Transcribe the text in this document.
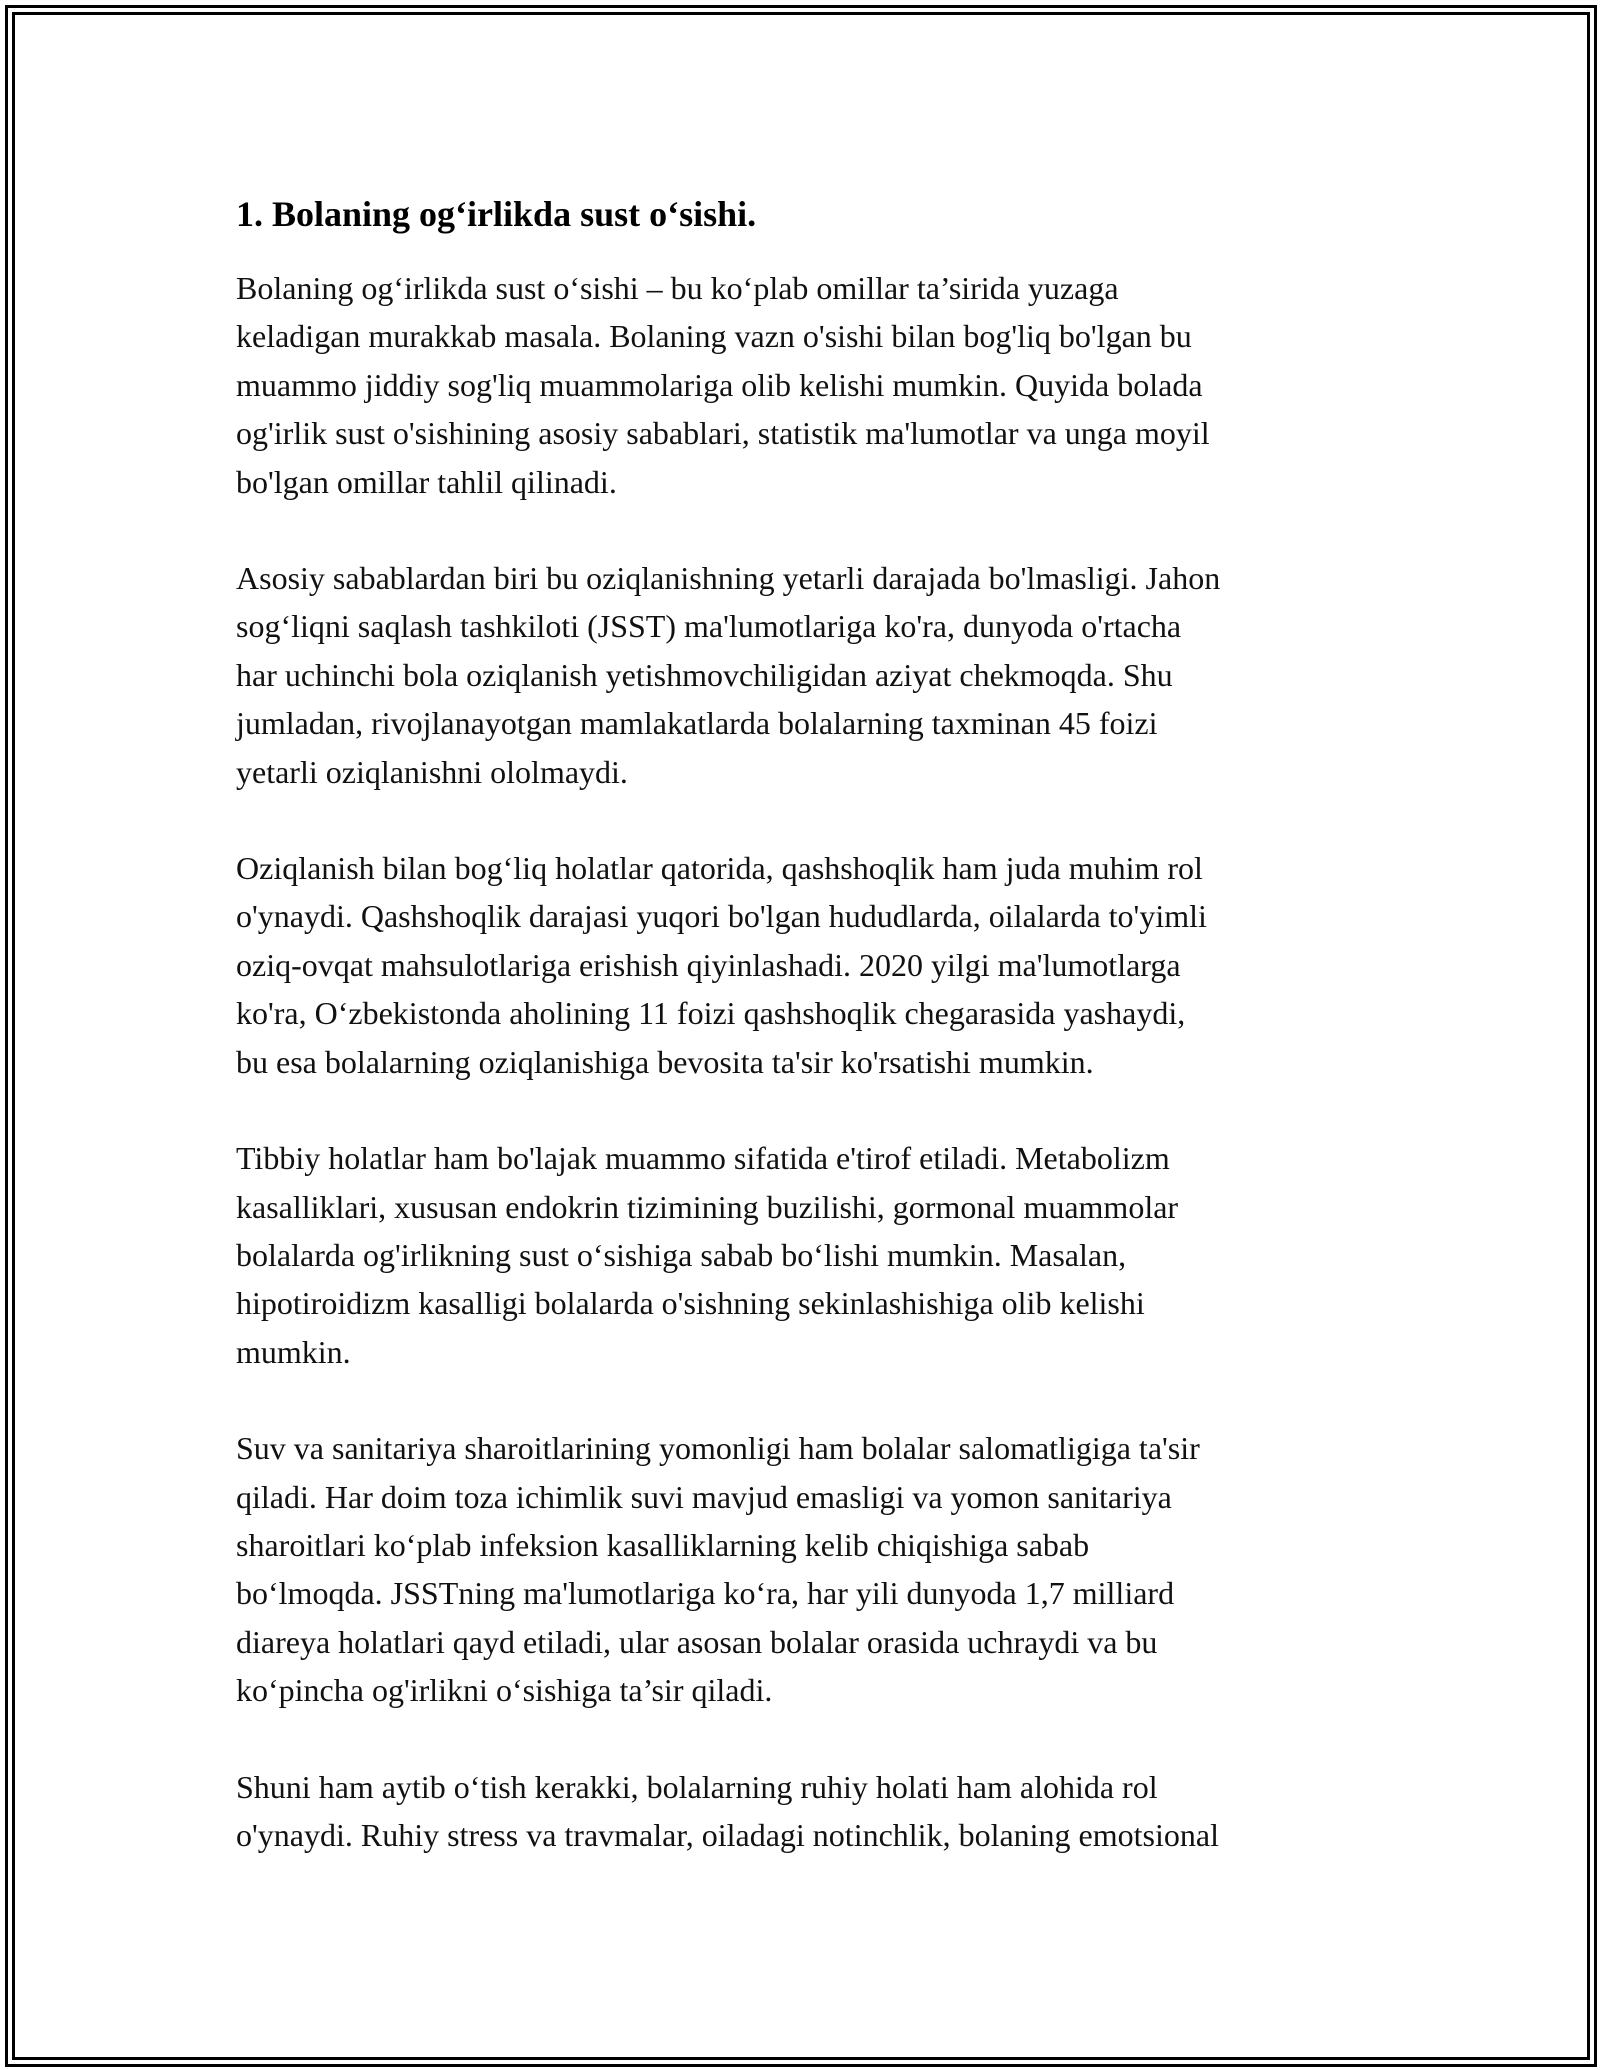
1. Bolaning og‘irlikda sust o‘sishi.

Bolaning og‘irlikda sust o‘sishi – bu ko‘plab omillar ta’sirida yuzaga
keladigan murakkab masala. Bolaning vazn o'sishi bilan bog'liq bo'lgan bu
muammo jiddiy sog'liq muammolariga olib kelishi mumkin. Quyida bolada
og'irlik sust o'sishining asosiy sabablari, statistik ma'lumotlar va unga moyil
bo'lgan omillar tahlil qilinadi.

Asosiy sabablardan biri bu oziqlanishning yetarli darajada bo'lmasligi. Jahon
sog‘liqni saqlash tashkiloti (JSST) ma'lumotlariga ko'ra, dunyoda o'rtacha
har uchinchi bola oziqlanish yetishmovchiligidan aziyat chekmoqda. Shu
jumladan, rivojlanayotgan mamlakatlarda bolalarning taxminan 45 foizi
yetarli oziqlanishni ololmaydi.

Oziqlanish bilan bog‘liq holatlar qatorida, qashshoqlik ham juda muhim rol
o'ynaydi. Qashshoqlik darajasi yuqori bo'lgan hududlarda, oilalarda to'yimli
oziq-ovqat mahsulotlariga erishish qiyinlashadi. 2020 yilgi ma'lumotlarga
ko'ra, O‘zbekistonda aholining 11 foizi qashshoqlik chegarasida yashaydi,
bu esa bolalarning oziqlanishiga bevosita ta'sir ko'rsatishi mumkin.

Tibbiy holatlar ham bo'lajak muammo sifatida e'tirof etiladi. Metabolizm
kasalliklari, xususan endokrin tizimining buzilishi, gormonal muammolar
bolalarda og'irlikning sust o‘sishiga sabab bo‘lishi mumkin. Masalan,
hipotiroidizm kasalligi bolalarda o'sishning sekinlashishiga olib kelishi
mumkin.

Suv va sanitariya sharoitlarining yomonligi ham bolalar salomatligiga ta'sir
qiladi. Har doim toza ichimlik suvi mavjud emasligi va yomon sanitariya
sharoitlari ko‘plab infeksion kasalliklarning kelib chiqishiga sabab
bo‘lmoqda. JSSTning ma'lumotlariga ko‘ra, har yili dunyoda 1,7 milliard
diareya holatlari qayd etiladi, ular asosan bolalar orasida uchraydi va bu
ko‘pincha og'irlikni o‘sishiga ta’sir qiladi.

Shuni ham aytib o‘tish kerakki, bolalarning ruhiy holati ham alohida rol
o'ynaydi. Ruhiy stress va travmalar, oiladagi notinchlik, bolaning emotsional
